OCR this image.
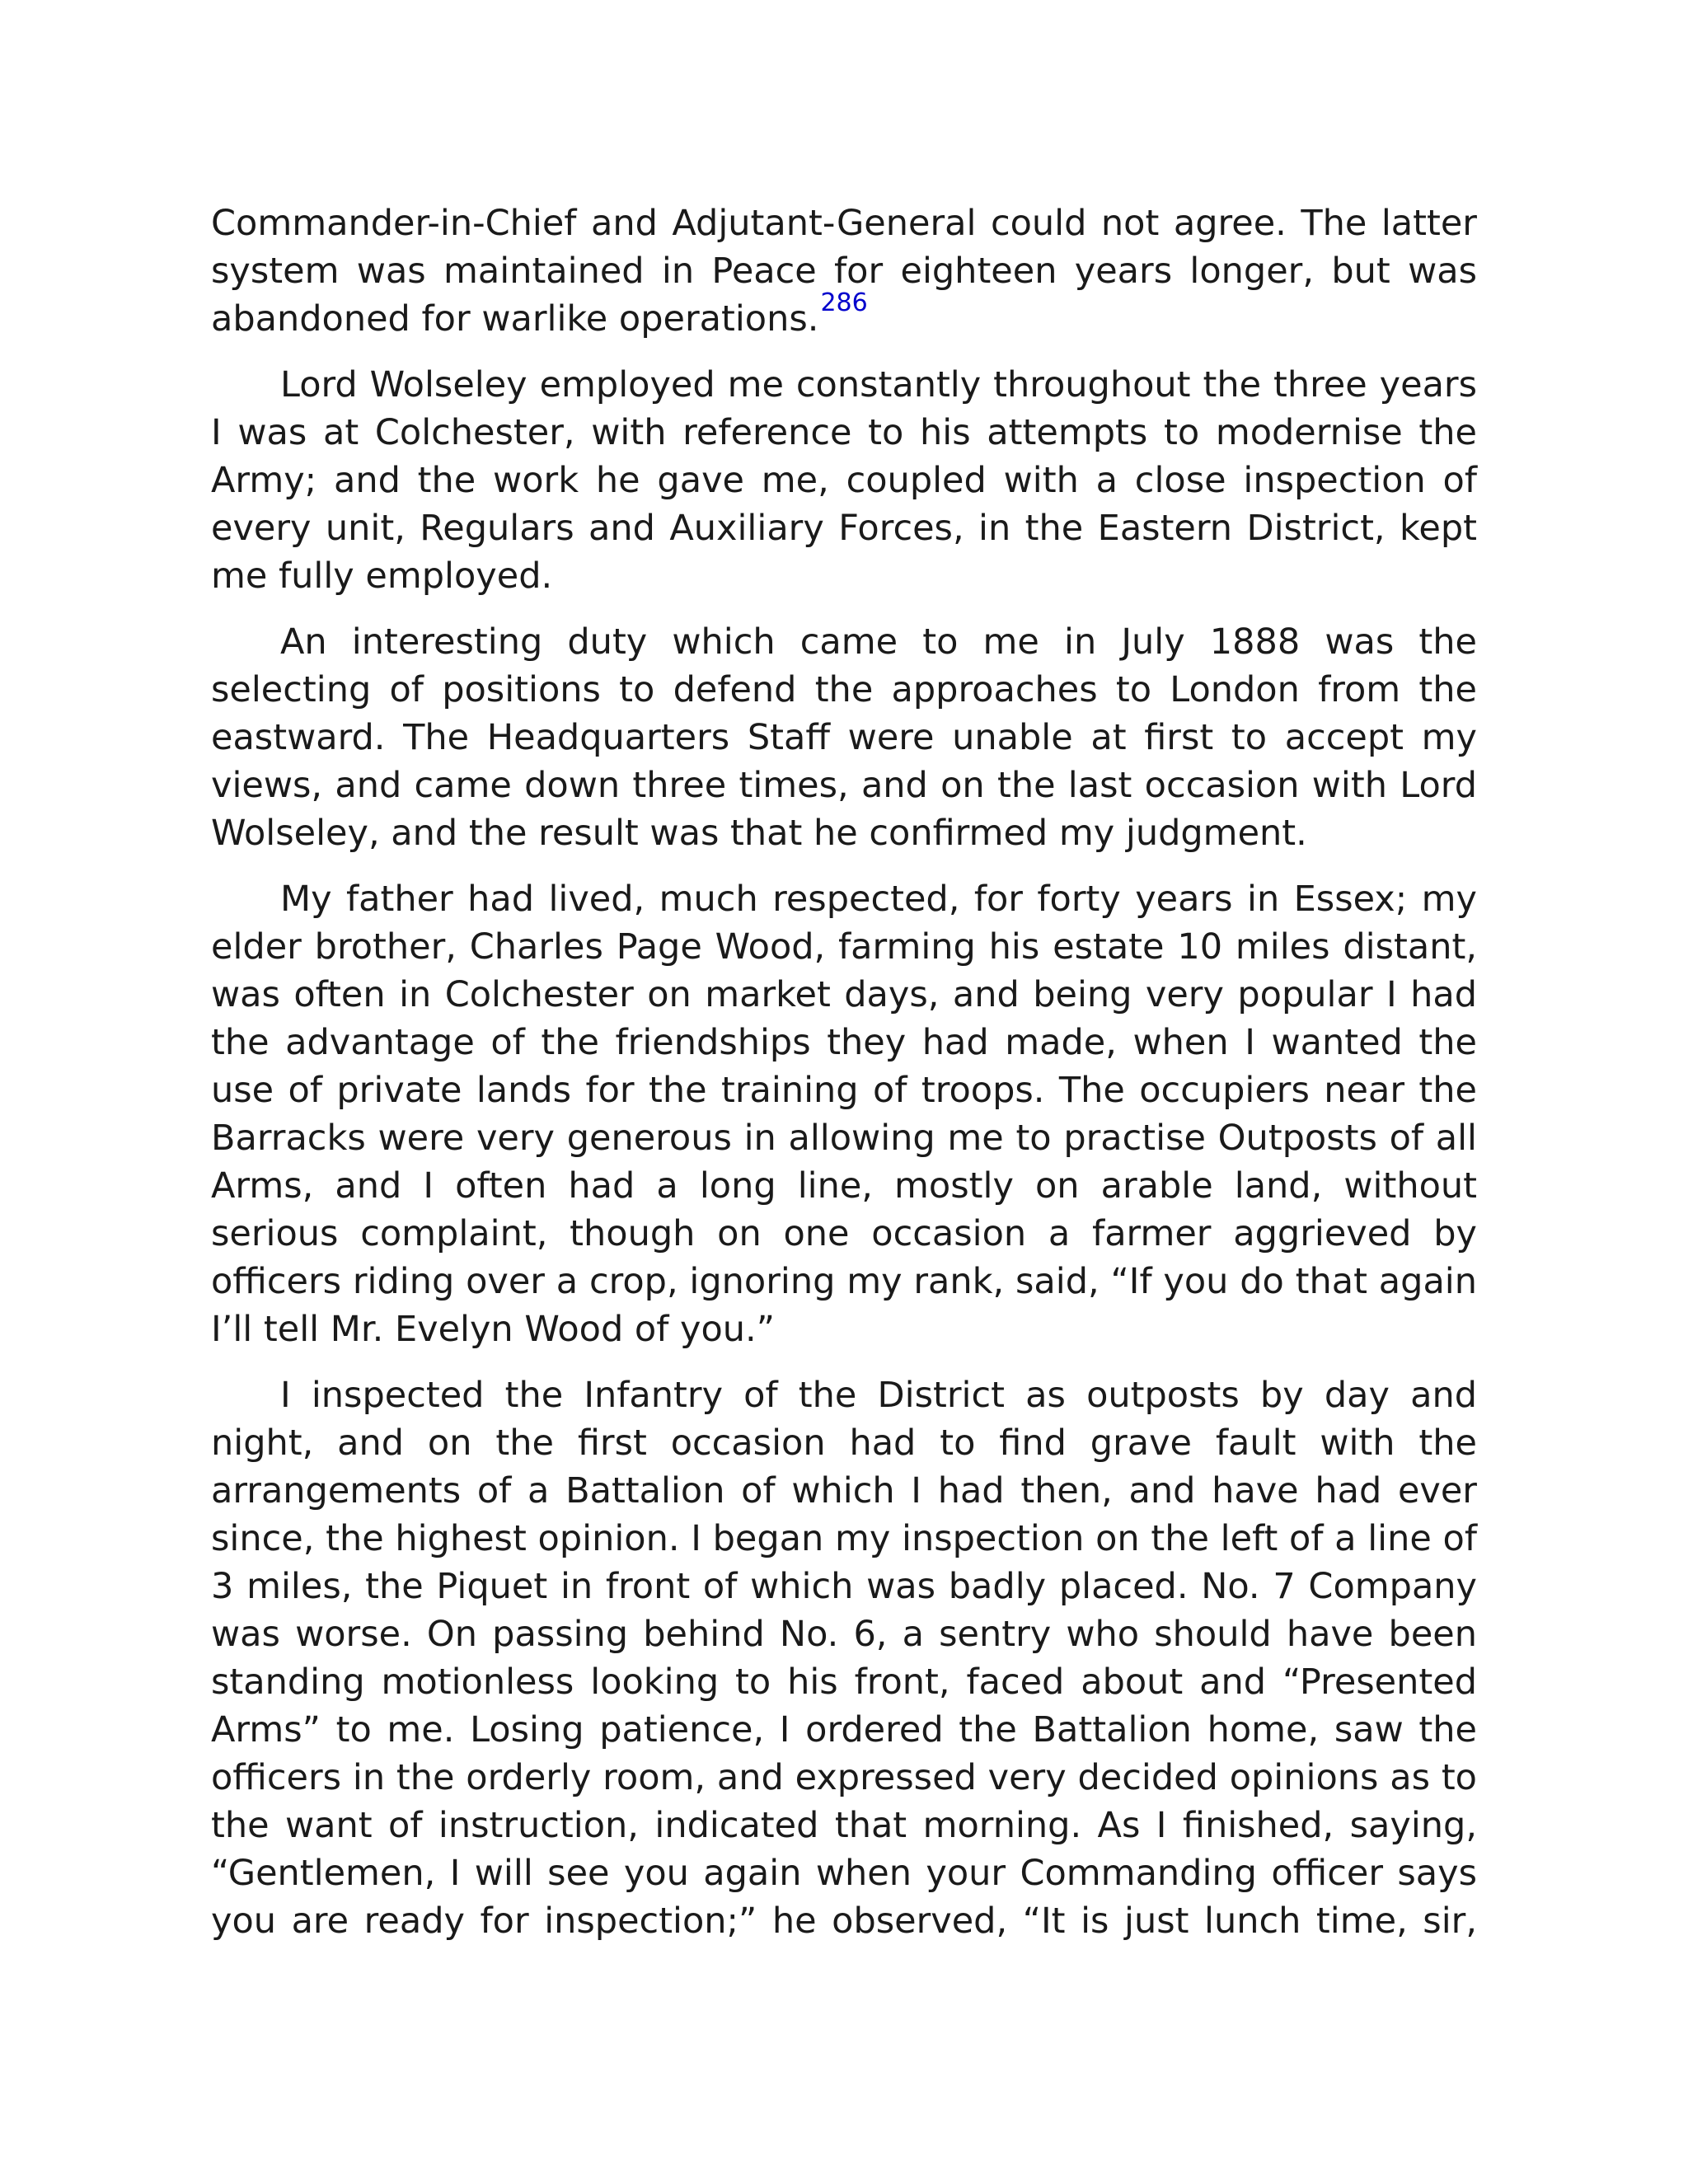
Commander-in-Chief and Adjutant-General could not agree. The latter system was maintained in Peace for eighteen years longer, but was abandoned for warlike operations.$^{286}$

Lord Wolseley employed me constantly throughout the three years I was at Colchester, with reference to his attempts to modernise the Army; and the work he gave me, coupled with a close inspection of every unit, Regulars and Auxiliary Forces, in the Eastern District, kept me fully employed.

An interesting duty which came to me in July 1888 was the selecting of positions to defend the approaches to London from the eastward. The Headquarters Staff were unable at first to accept my views, and came down three times, and on the last occasion with Lord Wolseley, and the result was that he confirmed my judgment.

My father had lived, much respected, for forty years in Essex; my elder brother, Charles Page Wood, farming his estate 10 miles distant, was often in Colchester on market days, and being very popular I had the advantage of the friendships they had made, when I wanted the use of private lands for the training of troops. The occupiers near the Barracks were very generous in allowing me to practise Outposts of all Arms, and I often had a long line, mostly on arable land, without serious complaint, though on one occasion a farmer aggrieved by officers riding over a crop, ignoring my rank, said, “If you do that again I’ll tell Mr. Evelyn Wood of you.”

I inspected the Infantry of the District as outposts by day and night, and on the first occasion had to find grave fault with the arrangements of a Battalion of which I had then, and have had ever since, the highest opinion. I began my inspection on the left of a line of 3 miles, the Piquet in front of which was badly placed. No. 7 Company was worse. On passing behind No. 6, a sentry who should have been standing motionless looking to his front, faced about and “Presented Arms” to me. Losing patience, I ordered the Battalion home, saw the officers in the orderly room, and expressed very decided opinions as to the want of instruction, indicated that morning. As I finished, saying, “Gentlemen, I will see you again when your Commanding officer says you are ready for inspection;” he observed, “It is just lunch time, sir,
